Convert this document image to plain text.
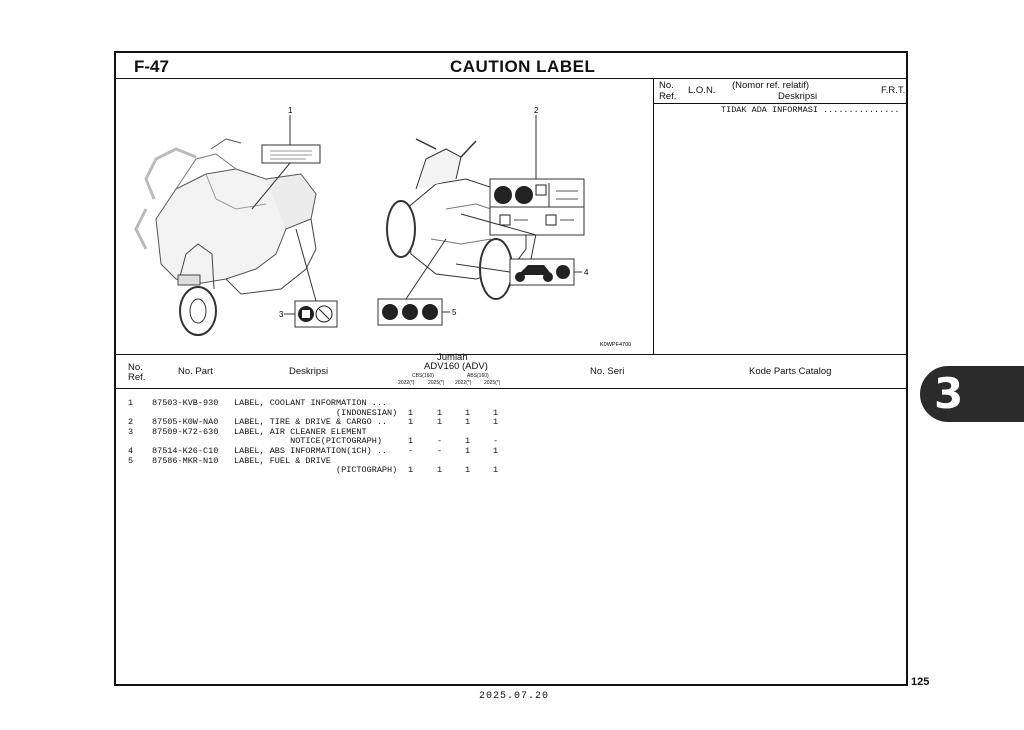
3
F-47	CAUTION LABEL
No.
Ref.
L.O.N. (Nomor ref. relatif)
Deskripsi
F.R.T.
TIDAK ADA INFORMASI ...............
1
3
2
4
5
K0WPF4700
No.
Ref.
No. Part	Deskripsi
Jumlah
ADV160 (ADV)
CBS(160)	ABS(160)
2022(*)	2025(*) 2022(*)	2025(*)
No. Seri	Kode Parts Catalog
1 87503-KVB-930 LABEL, COOLANT INFORMATION ...
(INDONESIAN) 1	1	1	1
2 87505-K0W-NA0 LABEL, TIRE & DRIVE & CARGO .. 1	1	1	1
3 87509-K72-630 LABEL, AIR CLEANER ELEMENT
NOTICE(PICTOGRAPH)	1	-	1	-
4 87514-K26-C10 LABEL, ABS INFORMATION(1CH) .. -	-	1	1
5 87586-MKR-N10 LABEL, FUEL & DRIVE
(PICTOGRAPH) 1	1	1	1
2025.07.20
125
